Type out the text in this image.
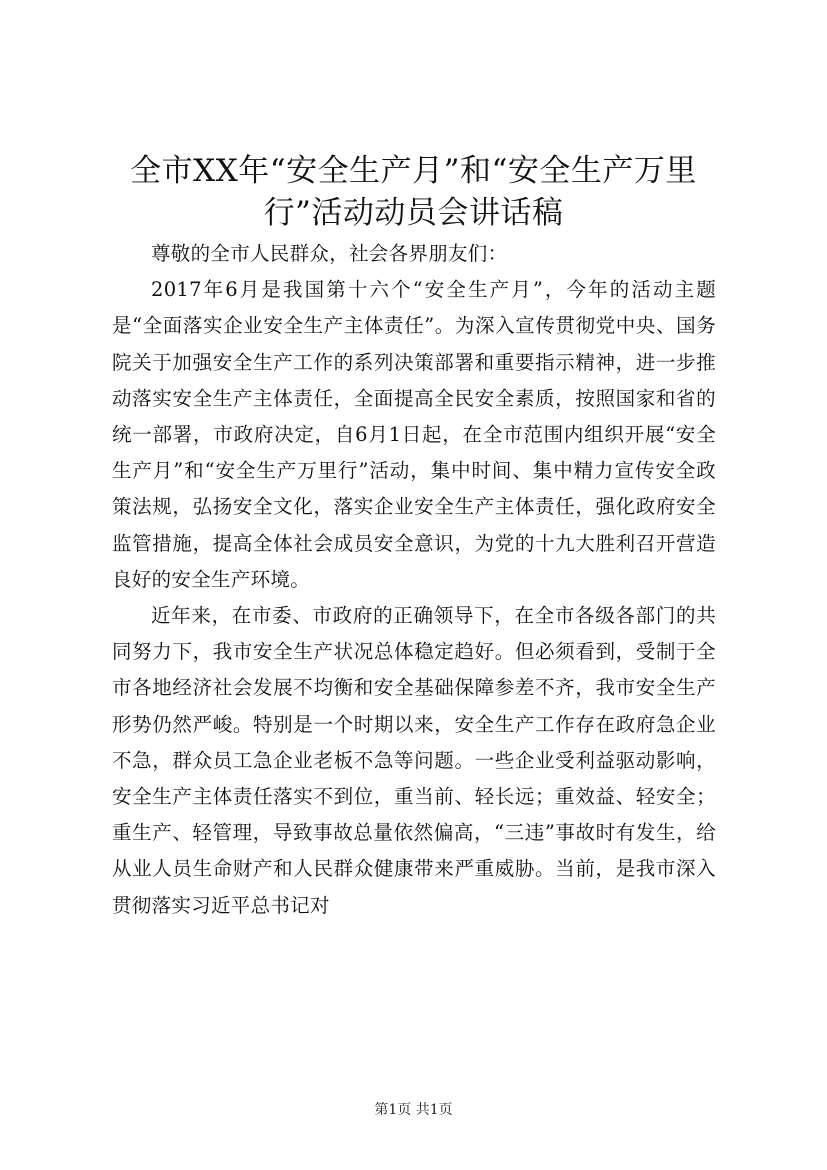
全市XX年“安全生产月”和“安全生产万里行”活动动员会讲话稿

尊敬的全市人民群众，社会各界朋友们：

2017年6月是我国第十六个“安全生产月”，今年的活动主题是“全面落实企业安全生产主体责任”。为深入宣传贯彻党中央、国务院关于加强安全生产工作的系列决策部署和重要指示精神，进一步推动落实安全生产主体责任，全面提高全民安全素质，按照国家和省的统一部署，市政府决定，自6月1日起，在全市范围内组织开展“安全生产月”和“安全生产万里行”活动，集中时间、集中精力宣传安全政策法规，弘扬安全文化，落实企业安全生产主体责任，强化政府安全监管措施，提高全体社会成员安全意识，为党的十九大胜利召开营造良好的安全生产环境。

近年来，在市委、市政府的正确领导下，在全市各级各部门的共同努力下，我市安全生产状况总体稳定趋好。但必须看到，受制于全市各地经济社会发展不均衡和安全基础保障参差不齐，我市安全生产形势仍然严峻。特别是一个时期以来，安全生产工作存在政府急企业不急，群众员工急企业老板不急等问题。一些企业受利益驱动影响，安全生产主体责任落实不到位，重当前、轻长远；重效益、轻安全；重生产、轻管理，导致事故总量依然偏高，“三违”事故时有发生，给从业人员生命财产和人民群众健康带来严重威胁。当前，是我市深入贯彻落实习近平总书记对

第1页 共1页
